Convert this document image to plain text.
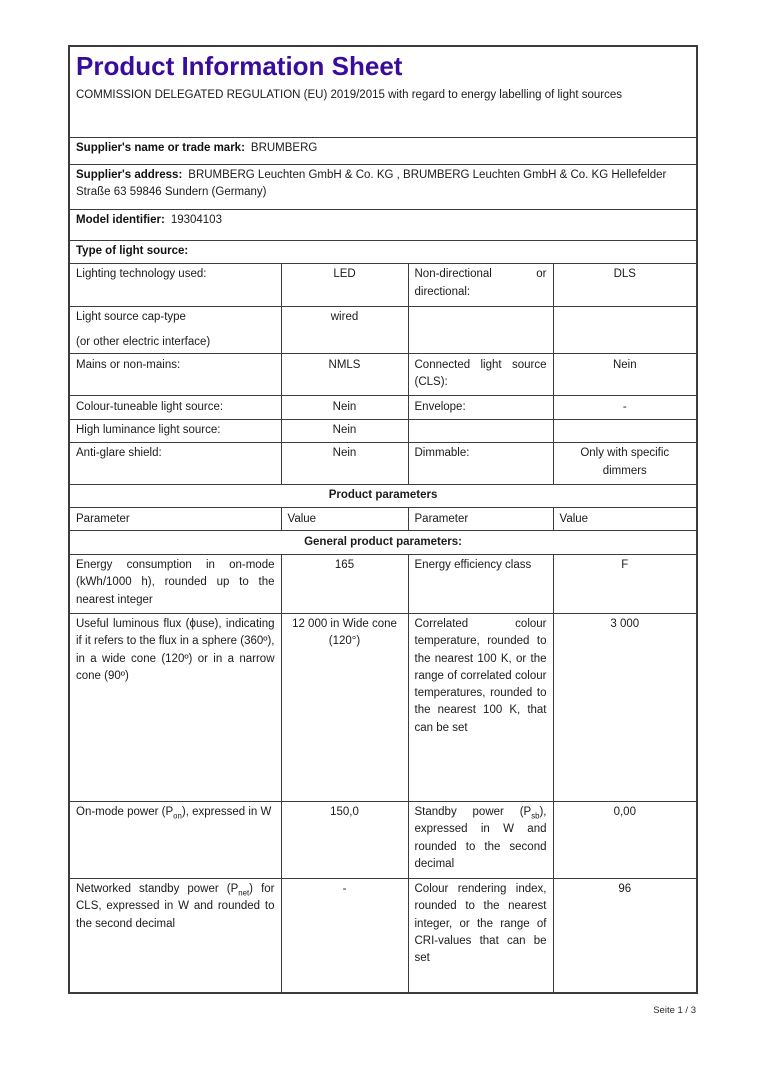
Product Information Sheet

COMMISSION DELEGATED REGULATION (EU) 2019/2015 with regard to energy labelling of light sources

Supplier's name or trade mark: BRUMBERG			
Supplier's address: BRUMBERG Leuchten GmbH & Co. KG , BRUMBERG Leuchten GmbH & Co. KG Hellefelder Straße 63 59846 Sundern (Germany)			
Model identifier: 19304103			
Type of light source:			
Lighting technology used:	LED	Non-directional or directional:	DLS

Light source cap-type
(or other electric interface)	wired		
Mains or non-mains:	NMLS	Connected light source (CLS):	Nein
Colour-tuneable light source:	Nein	Envelope:	-
High luminance light source:	Nein		
Anti-glare shield:	Nein	Dimmable:	Only with specific dimmers
Product parameters			
Parameter	Value	Parameter	Value
General product parameters:			
Energy consumption in on-mode (kWh/1000 h), rounded up to the nearest integer	165	Energy efficiency class	F
Useful luminous flux (ϕuse), indicating if it refers to the flux in a sphere (360º), in a wide cone (120º) or in a narrow cone (90º)	12 000 in Wide cone (120°)	Correlated colour temperature, rounded to the nearest 100 K, or the range of correlated colour temperatures, rounded to the nearest 100 K, that can be set	3 000
On-mode power $(P_{on})$, expressed in W	150,0	Standby power $(P_{sb})$, expressed in W and rounded to the second decimal	0,00
Networked standby power $(P_{net})$ for CLS, expressed in W and rounded to the second decimal	-	Colour rendering index, rounded to the nearest integer, or the range of CRI-values that can be set	96
Seite 1 / 3
